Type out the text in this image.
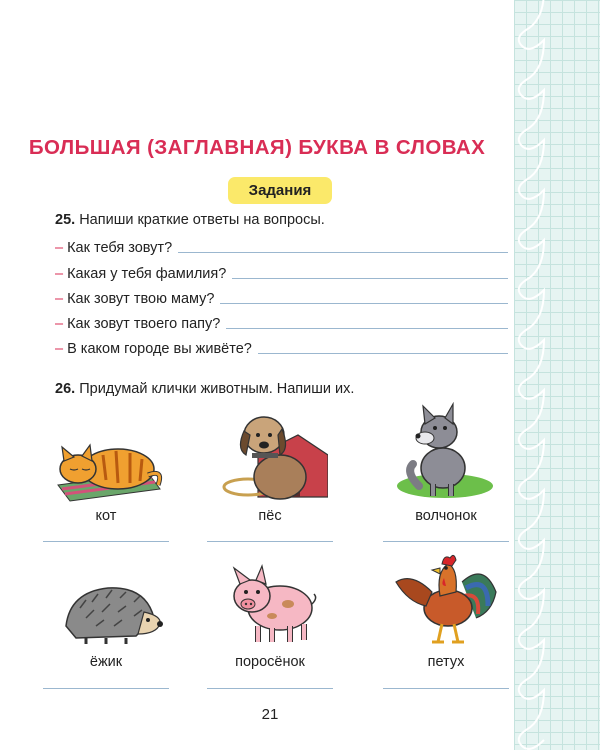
БОЛЬШАЯ (ЗАГЛАВНАЯ) БУКВА В СЛОВАХ
Задания
25. Напиши краткие ответы на вопросы.
– Как тебя зовут?
– Какая у тебя фамилия?
– Как зовут твою маму?
– Как зовут твоего папу?
– В каком городе вы живёте?
26. Придумай клички животным. Напиши их.
кот	пёс	волчонок
ёжик	поросёнок	петух
21
